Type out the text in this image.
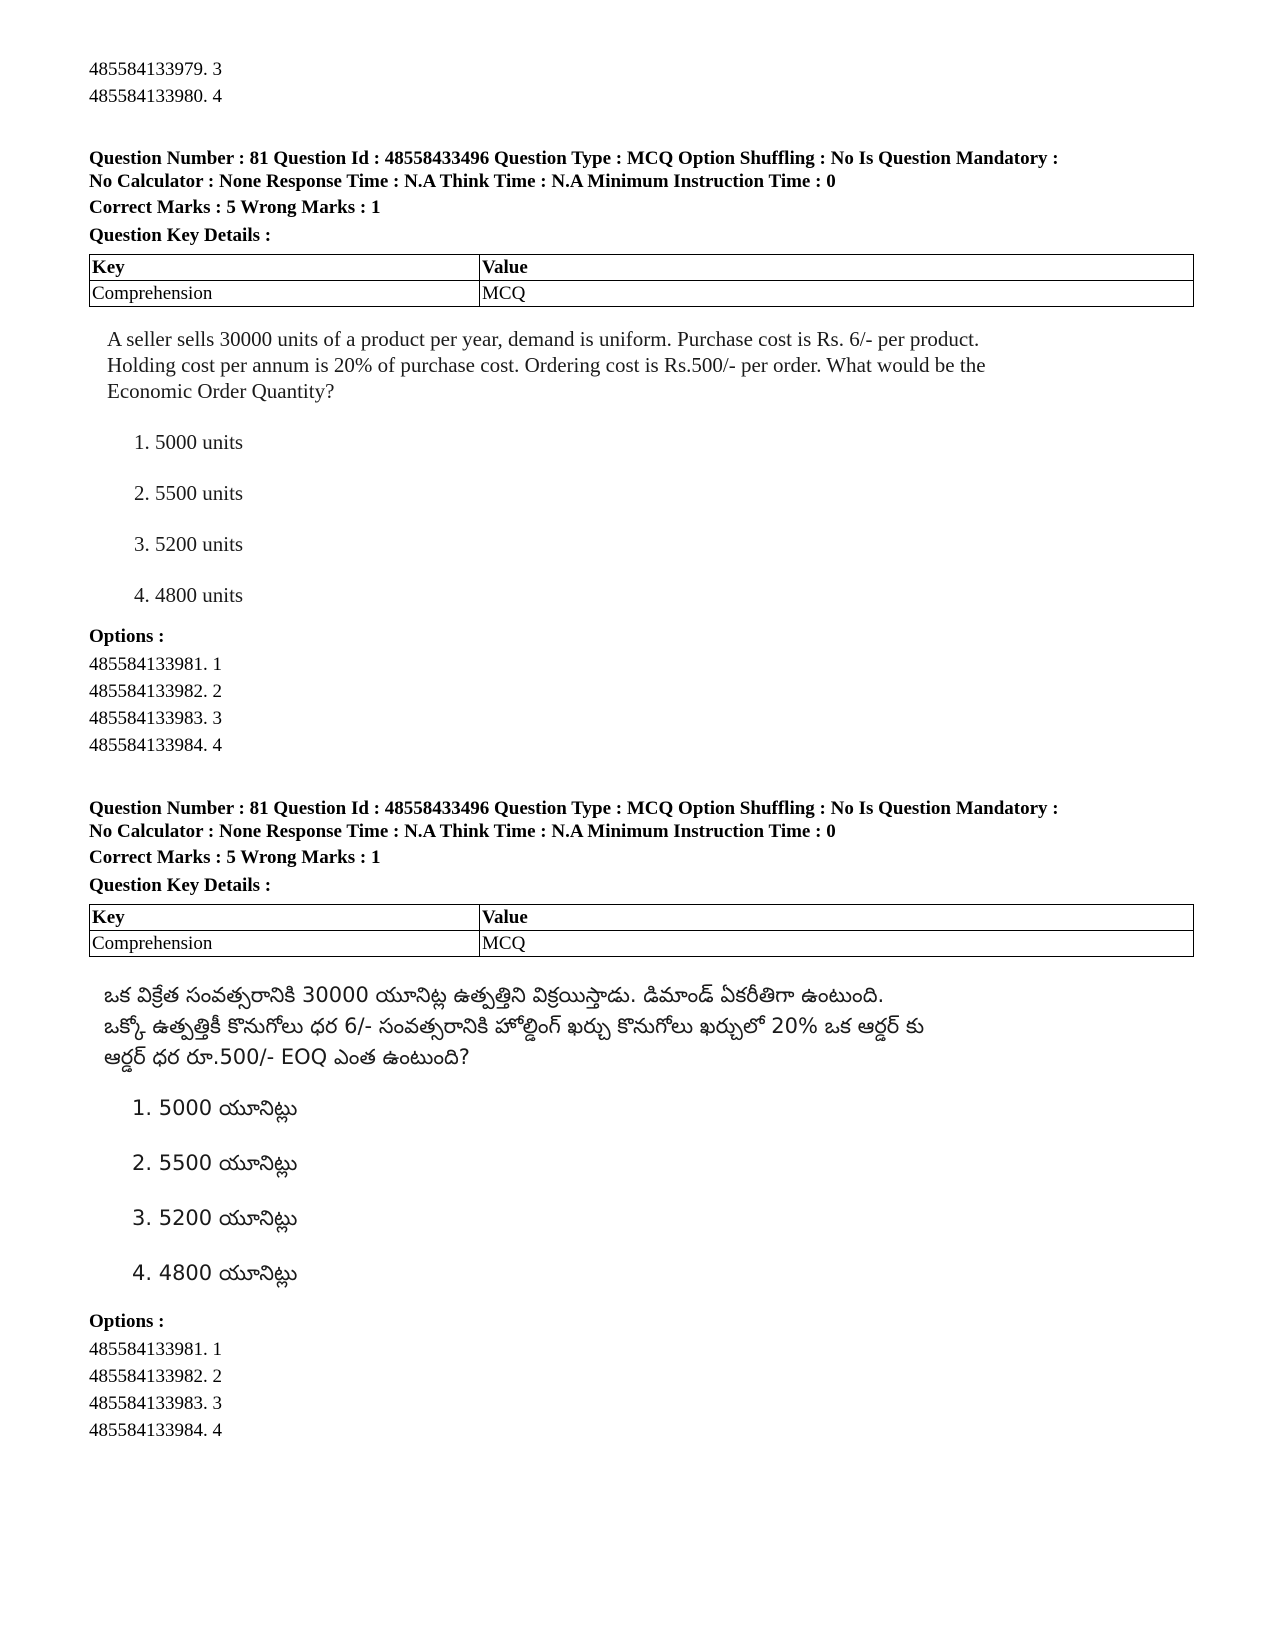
485584133979. 3
485584133980. 4
Question Number : 81 Question Id : 48558433496 Question Type : MCQ Option Shuffling : No Is Question Mandatory :
No Calculator : None Response Time : N.A Think Time : N.A Minimum Instruction Time : 0
Correct Marks : 5 Wrong Marks : 1
Question Key Details :
Key	Value
Comprehension	MCQ
A seller sells 30000 units of a product per year, demand is uniform. Purchase cost is Rs. 6/- per product.
Holding cost per annum is 20% of purchase cost. Ordering cost is Rs.500/- per order. What would be the
Economic Order Quantity?
1. 5000 units
2. 5500 units
3. 5200 units
4. 4800 units
Options :
485584133981. 1
485584133982. 2
485584133983. 3
485584133984. 4
Question Number : 81 Question Id : 48558433496 Question Type : MCQ Option Shuffling : No Is Question Mandatory :
No Calculator : None Response Time : N.A Think Time : N.A Minimum Instruction Time : 0
Correct Marks : 5 Wrong Marks : 1
Question Key Details :
Key	Value
Comprehension	MCQ
ఒక విక్రేత సంవత్సరానికి 30000 యూనిట్ల ఉత్పత్తిని విక్రయిస్తాడు. డిమాండ్ ఏకరీతిగా ఉంటుంది.
ఒక్కో ఉత్పత్తికీ కొనుగోలు ధర 6/- సంవత్సరానికి హోల్డింగ్ ఖర్చు కొనుగోలు ఖర్చులో 20% ఒక ఆర్డర్ కు
ఆర్డర్ ధర రూ.500/- EOQ ఎంత ఉంటుంది?
1. 5000 యూనిట్లు
2. 5500 యూనిట్లు
3. 5200 యూనిట్లు
4. 4800 యూనిట్లు
Options :
485584133981. 1
485584133982. 2
485584133983. 3
485584133984. 4
